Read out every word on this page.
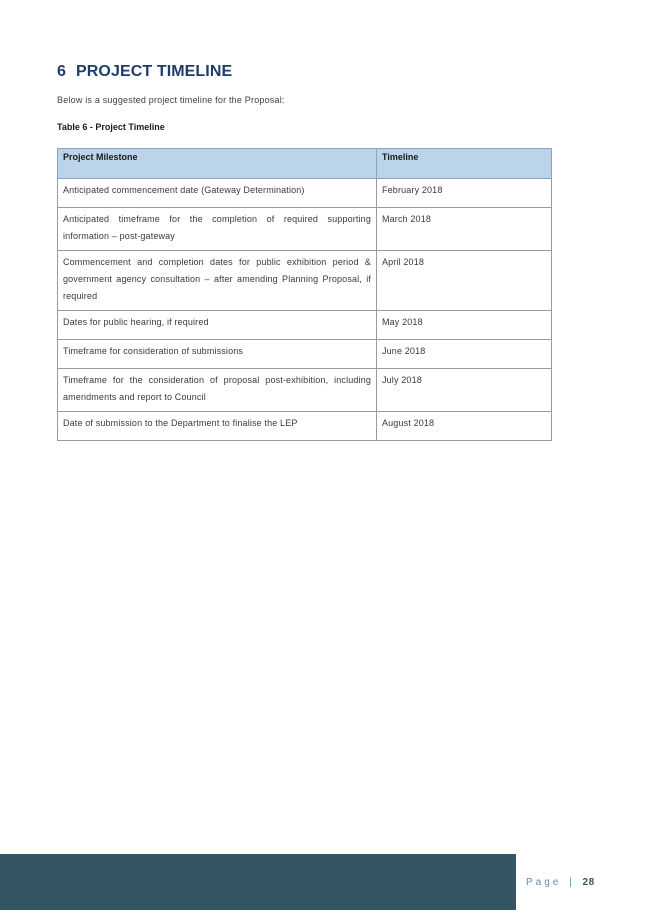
6 PROJECT TIMELINE

Below is a suggested project timeline for the Proposal:

Table 6 - Project Timeline

Project Milestone	Timeline
Anticipated commencement date (Gateway Determination)	February 2018
Anticipated timeframe for the completion of required supporting information – post-gateway	March 2018
Commencement and completion dates for public exhibition period & government agency consultation – after amending Planning Proposal, if required	April 2018
Dates for public hearing, if required	May 2018
Timeframe for consideration of submissions	June 2018
Timeframe for the consideration of proposal post-exhibition, including amendments and report to Council	July 2018
Date of submission to the Department to finalise the LEP	August 2018
Page | 28
